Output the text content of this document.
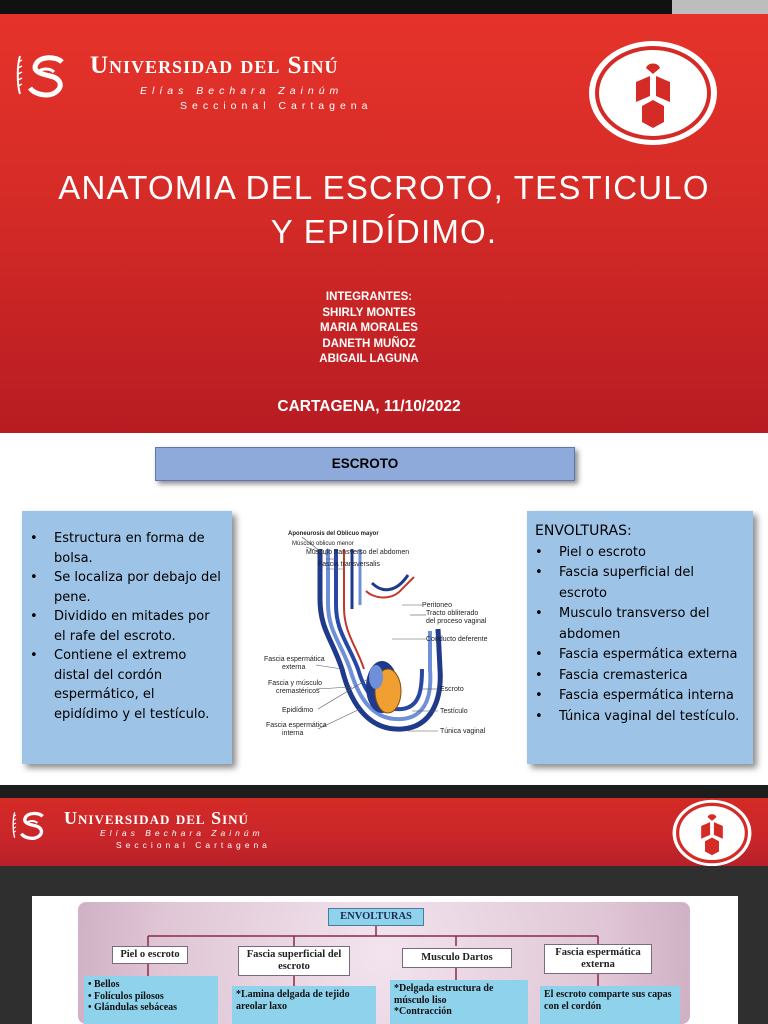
Universidad del Sinú
Elías Bechara Zainúm
Seccional Cartagena
ANATOMIA DEL ESCROTO, TESTICULO
Y EPIDÍDIMO.
INTEGRANTES:
SHIRLY MONTES
MARIA MORALES
DANETH MUÑOZ
ABIGAIL LAGUNA
CARTAGENA, 11/10/2022
ESCROTO
• Estructura en forma de bolsa.
• Se localiza por debajo del pene.
• Dividido en mitades por el rafe del escroto.
• Contiene el extremo distal del cordón espermático, el epidídimo y el testículo.
Aponeurosis del Oblicuo mayor
Músculo oblicuo menor
Músculo transverso del abdomen
Fascia transversalis
Peritoneo
Tracto obliterado
del proceso vaginal
Conducto deferente
Fascia espermática
externa
Fascia y músculo
cremastéricos
Epidídimo
Fascia espermática
interna
Escroto
Testículo
Túnica vaginal
ENVOLTURAS:
• Piel o escroto
• Fascia superficial del escroto
• Musculo transverso del abdomen
• Fascia espermática externa
• Fascia cremasterica
• Fascia espermática interna
• Túnica vaginal del testículo.
Universidad del Sinú
Elías Bechara Zainúm
Seccional Cartagena
ENVOLTURAS
Piel o escroto	Fascia superficial del escroto
Musculo Dartos	Fascia espermática externa
• Bellos
• Folículos pilosos
• Glándulas sebáceas
*Lamina delgada de tejido areolar laxo
*Delgada estructura de músculo liso
*Contracción
El escroto comparte sus capas con el cordón
